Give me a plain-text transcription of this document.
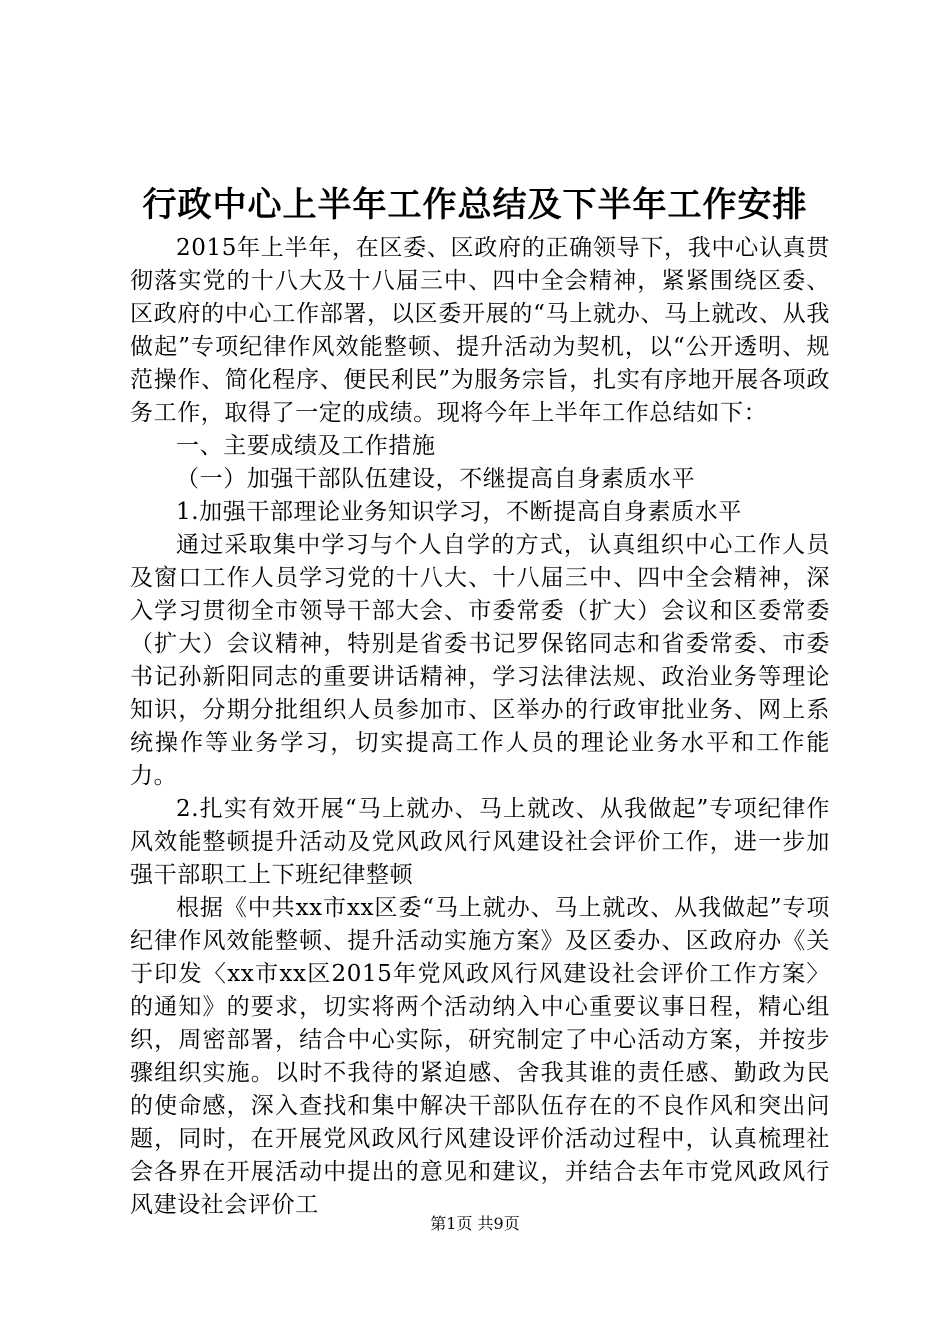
行政中心上半年工作总结及下半年工作安排

2015年上半年，在区委、区政府的正确领导下，我中心认真贯彻落实党的十八大及十八届三中、四中全会精神，紧紧围绕区委、区政府的中心工作部署，以区委开展的“马上就办、马上就改、从我做起”专项纪律作风效能整顿、提升活动为契机，以“公开透明、规范操作、简化程序、便民利民”为服务宗旨，扎实有序地开展各项政务工作，取得了一定的成绩。现将今年上半年工作总结如下：

一、主要成绩及工作措施

（一）加强干部队伍建设，不继提高自身素质水平

1.加强干部理论业务知识学习，不断提高自身素质水平

通过采取集中学习与个人自学的方式，认真组织中心工作人员及窗口工作人员学习党的十八大、十八届三中、四中全会精神，深入学习贯彻全市领导干部大会、市委常委（扩大）会议和区委常委（扩大）会议精神，特别是省委书记罗保铭同志和省委常委、市委书记孙新阳同志的重要讲话精神，学习法律法规、政治业务等理论知识，分期分批组织人员参加市、区举办的行政审批业务、网上系统操作等业务学习，切实提高工作人员的理论业务水平和工作能力。

2.扎实有效开展“马上就办、马上就改、从我做起”专项纪律作风效能整顿提升活动及党风政风行风建设社会评价工作，进一步加强干部职工上下班纪律整顿

根据《中共xx市xx区委“马上就办、马上就改、从我做起”专项纪律作风效能整顿、提升活动实施方案》及区委办、区政府办《关于印发〈xx市xx区2015年党风政风行风建设社会评价工作方案〉的通知》的要求，切实将两个活动纳入中心重要议事日程，精心组织，周密部署，结合中心实际，研究制定了中心活动方案，并按步骤组织实施。以时不我待的紧迫感、舍我其谁的责任感、勤政为民的使命感，深入查找和集中解决干部队伍存在的不良作风和突出问题，同时，在开展党风政风行风建设评价活动过程中，认真梳理社会各界在开展活动中提出的意见和建议，并结合去年市党风政风行风建设社会评价工

第1页 共9页
